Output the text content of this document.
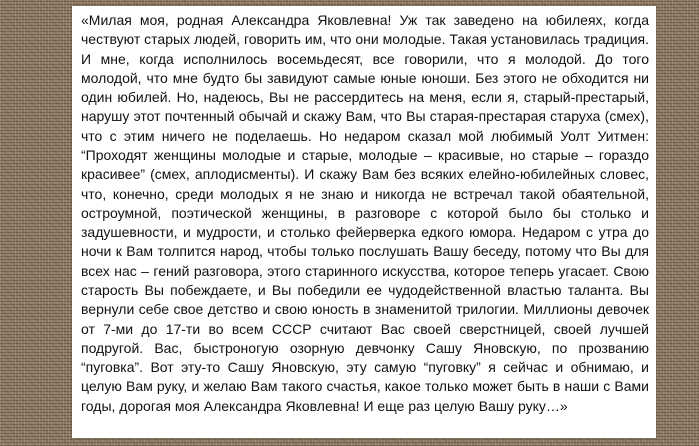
«Милая моя, родная Александра Яковлевна! Уж так заведено на юбилеях, когда чествуют старых людей, говорить им, что они молодые. Такая установилась традиция. И мне, когда исполнилось восемьдесят, все говорили, что я молодой. До того молодой, что мне будто бы завидуют самые юные юноши. Без этого не обходится ни один юбилей. Но, надеюсь, Вы не рассердитесь на меня, если я, старый-престарый, нарушу этот почтенный обычай и скажу Вам, что Вы старая-престарая старуха (смех), что с этим ничего не поделаешь. Но недаром сказал мой любимый Уолт Уитмен: “Проходят женщины молодые и старые, молодые – красивые, но старые – гораздо красивее” (смех, аплодисменты). И скажу Вам без всяких елейно-юбилейных словес, что, конечно, среди молодых я не знаю и никогда не встречал такой обаятельной, остроумной, поэтической женщины, в разговоре с которой было бы столько и задушевности, и мудрости, и столько фейерверка едкого юмора. Недаром с утра до ночи к Вам толпится народ, чтобы только послушать Вашу беседу, потому что Вы для всех нас – гений разговора, этого старинного искусства, которое теперь угасает. Свою старость Вы побеждаете, и Вы победили ее чудодейственной властью таланта. Вы вернули себе свое детство и свою юность в знаменитой трилогии. Миллионы девочек от 7-ми до 17-ти во всем СССР считают Вас своей сверстницей, своей лучшей подругой. Вас, быстроногую озорную девчонку Сашу Яновскую, по прозванию “пуговка”. Вот эту-то Сашу Яновскую, эту самую “пуговку” я сейчас и обнимаю, и целую Вам руку, и желаю Вам такого счастья, какое только может быть в наши с Вами годы, дорогая моя Александра Яковлевна! И еще раз целую Вашу руку…»
